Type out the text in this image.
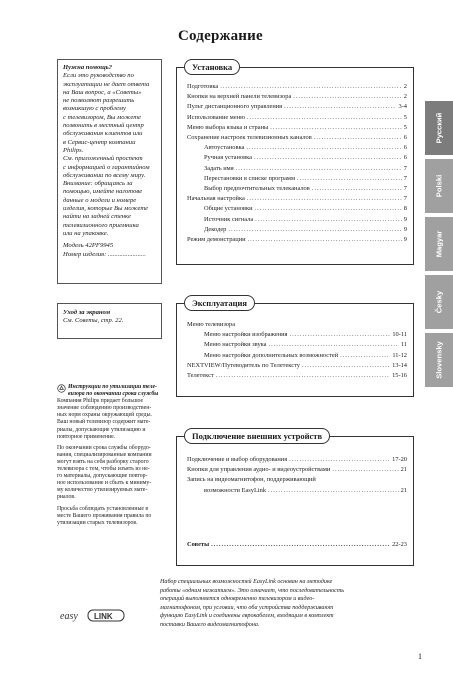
Содержание
Нужна помощь?
Если это руководство по
эксплуатации не дает ответа
на Ваш вопрос, а «Советы»
не позволяют разрешить
возникшую с проблему
с телевизором, Вы можете
позвонить в местный центр
обслуживания клиентов или
в Сервис-центр компании
Philips.
См. приложенный проспект
с информацией о гарантийном
обслуживании по всему миру.
Внимание: обращаясь за
помощью, имейте наготове
данные о модели и номере
изделия, которые Вы можете
найти на задней стенке
телевизионного приемника
или на упаковке.
Модель 42PF9945
Номер изделия: .......................
Уход за экраном
См. Советы, стр. 22.
Инструкции по утилизации теле-
визора по окончании срока службы

Компания Philips придает большое
значение соблюдению производствен-
ных норм охраны окружающей среды.
Ваш новый телевизор содержит мате-
риалы, допускающие утилизацию и
повторное применение.

По окончании срока службы оборудо-
вания, специализированные компании
могут взять на себя разборку старого
телевизора с тем, чтобы изъять из не-
го материалы, допускающие повтор-
ное использование и сбыть к миниму-
му количество утилизируемых мате-
риалов.

Просьба соблюдать установленные в
месте Вашего проживания правила по
утилизации старых телевизоров.

Установка
Подготовка .....	2
Кнопки на верхней панели телевизора .....	2
Пульт дистанционного управления .....	3-4
Использование меню .....	5
Меню выбора языка и страны .....	5
Сохранение настроек телевизионных каналов .....	6
Автоустановка .....	6
Ручная установка .....	6
Задать имя .....	7
Перестановки в списке программ .....	7
Выбор предпочтительных телеканалов .....	7
Начальная настройка .....	7
Общие установки .....	8
Источник сигнала .....	9
Декодер .....	9
Режим демонстрации .....	9
Эксплуатация
Меню телевизора
Меню настройки изображения .....	10-11
Меню настройки звука .....	11
Меню настройки дополнительных возможностей .....	11-12
NEXTVIEW/Путеводитель по Телетексту .....	13-14
Телетекст .....	15-16
Подключение внешних устройств
Подключение и выбор оборудования .....	17-20
Кнопки для управления аудио- и видеоустройствами .....	21
Запись на видеомагнитофон, поддерживающий
возможности EasyLink .....	21
Советы .....	22-23
easy LINK
Набор специальных возможностей EasyLink основан на методике
работы «одним нажатием». Это означает, что последовательность
операций выполняется одновременно телевизором и видео-
магнитофоном, при условии, что оба устройства поддерживают
функцию EasyLink и соединены еврокабелем, входящим в комплект
поставки Вашего видеомагнитофона.
1
Русский
Polski
Magyar
Česky
Slovensky
